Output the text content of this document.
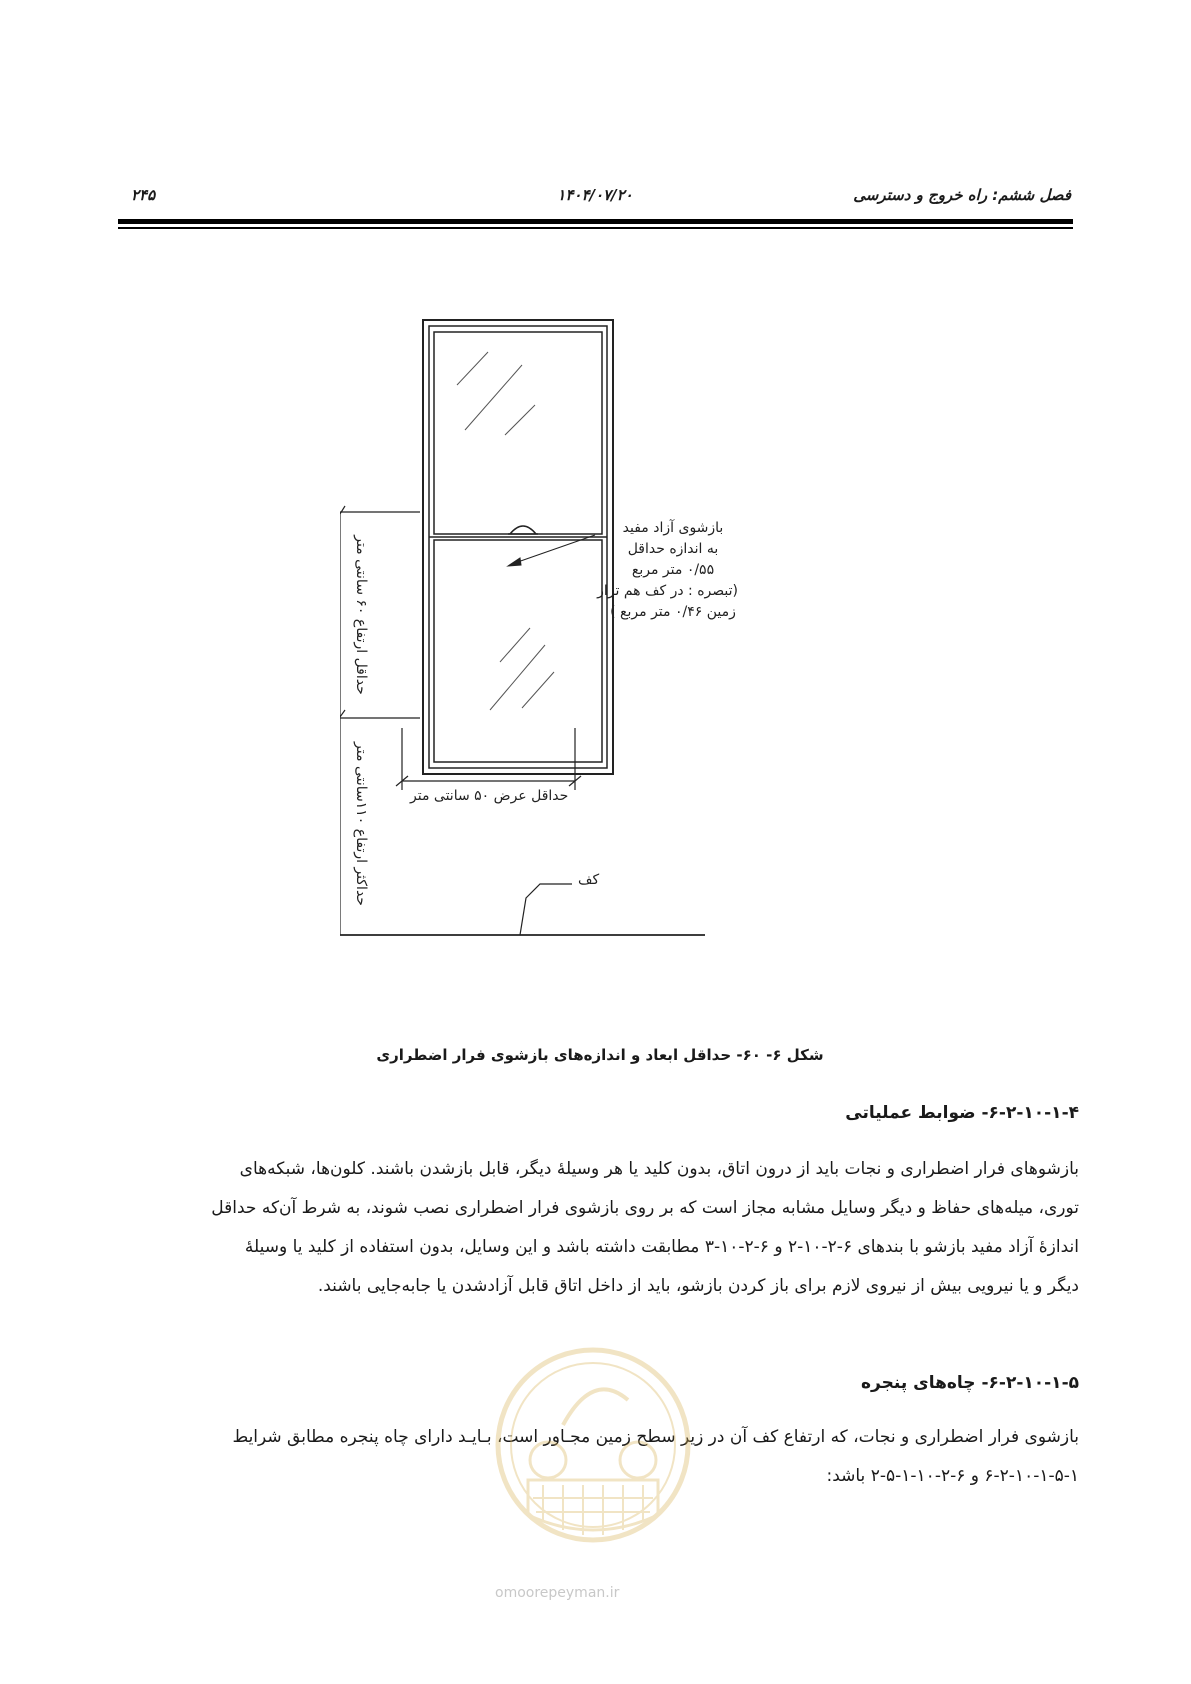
فصل ششم: راه خروج و دسترسی
۱۴۰۴/۰۷/۲۰
۲۴۵
بازشوی آزاد مفید
به اندازه حداقل
۰/۵۵ متر مربع
(تبصره : در کف هم تراز
زمین ۰/۴۶ متر مربع )
حداقل عرض ۵۰ سانتی متر
کف
حداقل ارتفاع ۶۰ سانتی متر
حداکثر ارتفاع ۱۱۰سانتی متر
شکل ۶- ۶۰- حداقل ابعاد و اندازه‌های بازشوی فرار اضطراری
۶-۲-۱۰-۱-۴- ضوابط عملیاتی
بازشوهای فرار اضطراری و نجات باید از درون اتاق، بدون کلید یا هر وسیلهٔ دیگر، قابل بازشدن باشند. کلون‌ها، شبکه‌های
توری، میله‌های حفاظ و دیگر وسایل مشابه مجاز است که بر روی بازشوی فرار اضطراری نصب شوند، به شرط آن‌که حداقل
اندازهٔ آزاد مفید بازشو با بندهای ۶-۲-۱۰-۲ و ۶-۲-۱۰-۳ مطابقت داشته باشد و این وسایل، بدون استفاده از کلید یا وسیلهٔ
دیگر و یا نیرویی بیش از نیروی لازم برای باز کردن بازشو، باید از داخل اتاق قابل آزادشدن یا جابه‌جایی باشند.
۶-۲-۱۰-۱-۵- چاه‌های پنجره
بازشوی فرار اضطراری و نجات، که ارتفاع کف آن در زیر سطح زمین مجـاور است، بـایـد دارای چاه پنجره مطابق شرایط
۶-۲-۱۰-۱-۵-۱ و ۶-۲-۱۰-۱-۵-۲ باشد:
omoorepeyman.ir
